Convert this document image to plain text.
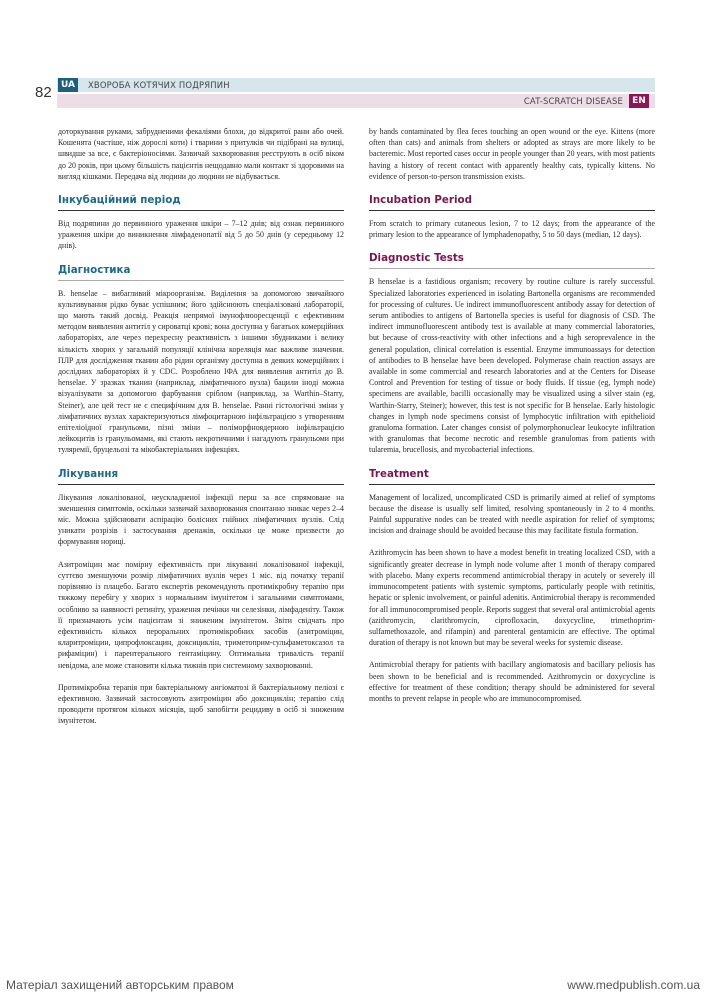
82	UA	ХВОРОБА КОТЯЧИХ ПОДРЯПИН
CAT-SCRATCH DISEASE	EN

доторкування руками, забрудненими фекаліями блохи, до відкритої рани або очей. Кошенята (частіше, ніж дорослі коти) і тварини з притулків чи підібрані на вулиці, швидше за все, є бактеріоносіями. Зазвичай захворювання реєструють в осіб віком до 20 років, при цьому більшість пацієнтів нещодавно мали контакт зі здоровими на вигляд кішками. Передача від людини до людини не відбувається.

Інкубаційний період

Від подряпини до первинного ураження шкіри – 7–12 днів; від ознак первинного ураження шкіри до виникнення лімфаденопатії від 5 до 50 днів (у середньому 12 днів).

Діагностика

B. henselae – вибагливий мікроорганізм. Виділення за допомогою звичайного культивування рідко буває успішним; його здійснюють спеціалізовані лабораторії, що мають такий досвід. Реакція непрямої імунофлюоресценції є ефективним методом виявлення антитіл у сироватці крові; вона доступна у багатьох комерційних лабораторіях, але через перехресну реактивність з іншими збудниками і велику кількість хворих у загальній популяції клінічна кореляція має важливе значення. ПЛР для дослідження тканин або рідин організму доступна в деяких комерційних і дослідних лабораторіях й у CDC. Розроблено ІФА для виявлення антитіл до B. henselae. У зразках тканин (наприклад, лімфатичного вузла) бацили іноді можна візуалізувати за допомогою фарбування сріблом (наприклад, за Warthin–Starry, Steiner), але цей тест не є специфічним для B. henselae. Ранні гістологічні зміни у лімфатичних вузлах характеризуються лімфоцитарною інфільтрацією з утворенням епітеліоїдної гранульоми, пізні зміни – поліморфноядерною інфільтрацією лейкоцитів із гранульомами, які стають некротичними і нагадують гранульоми при туляремії, бруцельозі та мікобактеріальних інфекціях.

Лікування

Лікування локалізованої, неускладненої інфекції перш за все спрямоване на зменшення симптомів, оскільки зазвичай захворювання спонтанно зникає через 2–4 міс. Можна здійснювати аспірацію болісних гнійних лімфатичних вузлів. Слід уникати розрізів і застосування дренажів, оскільки це може призвести до формування нориці.

Азитроміцин має помірну ефективність при лікуванні локалізованої інфекції, суттєво зменшуючи розмір лімфатичних вузлів через 1 міс. від початку терапії порівняно із плацебо. Багато експертів рекомендують протимікробну терапію при тяжкому перебігу у хворих з нормальним імунітетом і загальними симптомами, особливо за наявності ретиніту, ураження печінки чи селезінки, лімфаденіту. Також її призначають усім пацієнтам зі зниженим імунітетом. Звіти свідчать про ефективність кількох пероральних протимікробних засобів (азитроміцин, кларитроміцин, ципрофлоксацин, доксициклін, триметоприм-сульфаметоксазол та рифаміцин) і парентерального гентаміцину. Оптимальна тривалість терапії невідома, але може становити кілька тижнів при системному захворюванні.

Протимікробна терапія при бактеріальному ангіоматозі й бактеріальному пеліозі є ефективною. Зазвичай застосовують азитроміцин або доксициклін; терапію слід проводити протягом кількох місяців, щоб запобігти рецидиву в осіб зі зниженим імунітетом.

by hands contaminated by flea feces touching an open wound or the eye. Kittens (more often than cats) and animals from shelters or adopted as strays are more likely to be bacteremic. Most reported cases occur in people younger than 20 years, with most patients having a history of recent contact with apparently healthy cats, typically kittens. No evidence of person-to-person transmission exists.

Incubation Period

From scratch to primary cutaneous lesion, 7 to 12 days; from the appearance of the primary lesion to the appearance of lymphadenopathy, 5 to 50 days (median, 12 days).

Diagnostic Tests

B henselae is a fastidious organism; recovery by routine culture is rarely successful. Specialized laboratories experienced in isolating Bartonella organisms are recommended for processing of cultures. Ue indirect immunofluorescent antibody assay for detection of serum antibodies to antigens of Bartonella species is useful for diagnosis of CSD. The indirect immunofluorescent antibody test is available at many commercial laboratories, but because of cross-reactivity with other infections and a high seroprevalence in the general population, clinical correlation is essential. Enzyme immunoassays for detection of antibodies to B henselae have been developed. Polymerase chain reaction assays are available in some commercial and research laboratories and at the Centers for Disease Control and Prevention for testing of tissue or body fluids. If tissue (eg, lymph node) specimens are available, bacilli occasionally may be visualized using a silver stain (eg, Warthin-Starry, Steiner); however, this test is not specific for B henselae. Early histologic changes in lymph node specimens consist of lymphocytic infiltration with epithelioid granuloma formation. Later changes consist of polymorphonuclear leukocyte infiltration with granulomas that become necrotic and resemble granulomas from patients with tularemia, brucellosis, and mycobacterial infections.

Treatment

Management of localized, uncomplicated CSD is primarily aimed at relief of symptoms because the disease is usually self limited, resolving spontaneously in 2 to 4 months. Painful suppurative nodes can be treated with needle aspiration for relief of symptoms; incision and drainage should be avoided because this may facilitate fistula formation.

Azithromycin has been shown to have a modest benefit in treating localized CSD, with a significantly greater decrease in lymph node volume after 1 month of therapy compared with placebo. Many experts recommend antimicrobial therapy in acutely or severely ill immunocompetent patients with systemic symptoms, particularly people with retinitis, hepatic or splenic involvement, or painful adenitis. Antimicrobial therapy is recommended for all immunocompromised people. Reports suggest that several oral antimicrobial agents (azithromycin, clarithromycin, ciprofloxacin, doxycycline, trimethoprim-sulfamethoxazole, and rifampin) and parenteral gentamicin are effective. The optimal duration of therapy is not known but may be several weeks for systemic disease.

Antimicrobial therapy for patients with bacillary angiomatosis and bacillary peliosis has been shown to be beneficial and is recommended. Azithromycin or doxycycline is effective for treatment of these condition; therapy should be administered for several months to prevent relapse in people who are immunocompromised.

Матеріал захищений авторським правом	www.medpublish.com.ua
